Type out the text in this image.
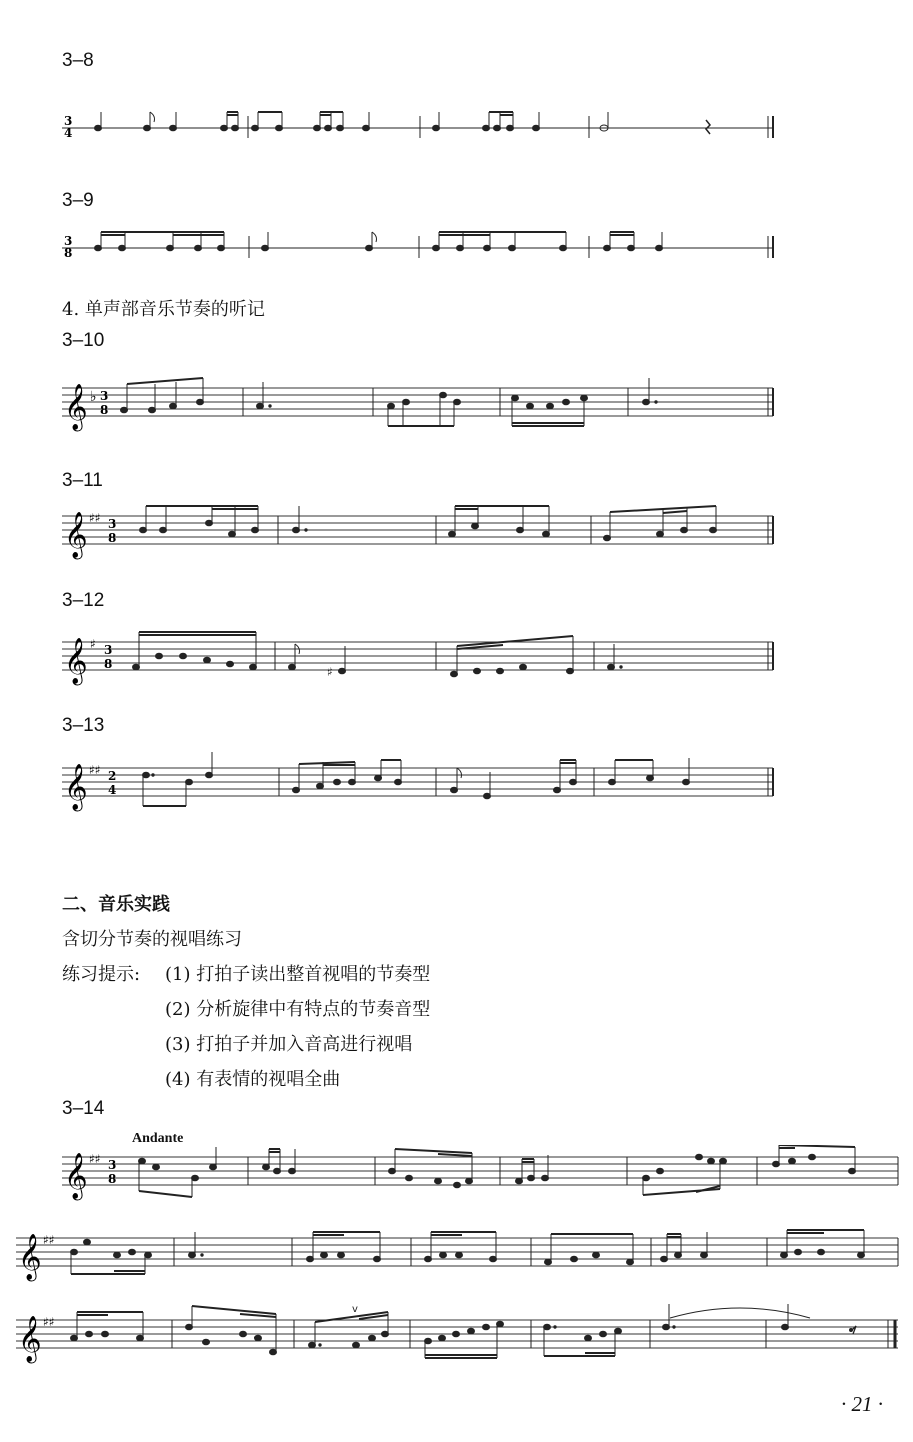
3–8
3–9
4. 单声部音乐节奏的听记
3–10
3–11
3–12
3–13
二、音乐实践
含切分节奏的视唱练习
练习提示: (1) 打拍子读出整首视唱的节奏型
(2) 分析旋律中有特点的节奏音型
(3) 打拍子并加入音高进行视唱
(4) 有表情的视唱全曲
3–14
Andante
3
4
3
8
𝄞 ♭ 3
8
𝄞 ♯♯ 3
8
𝄞 ♯ 3
8
♯
𝄞 ♯♯ 2
4
𝄞 ♯♯ 3
8
𝄞 ♯♯
𝄞 ♯♯
v
· 21 ·
